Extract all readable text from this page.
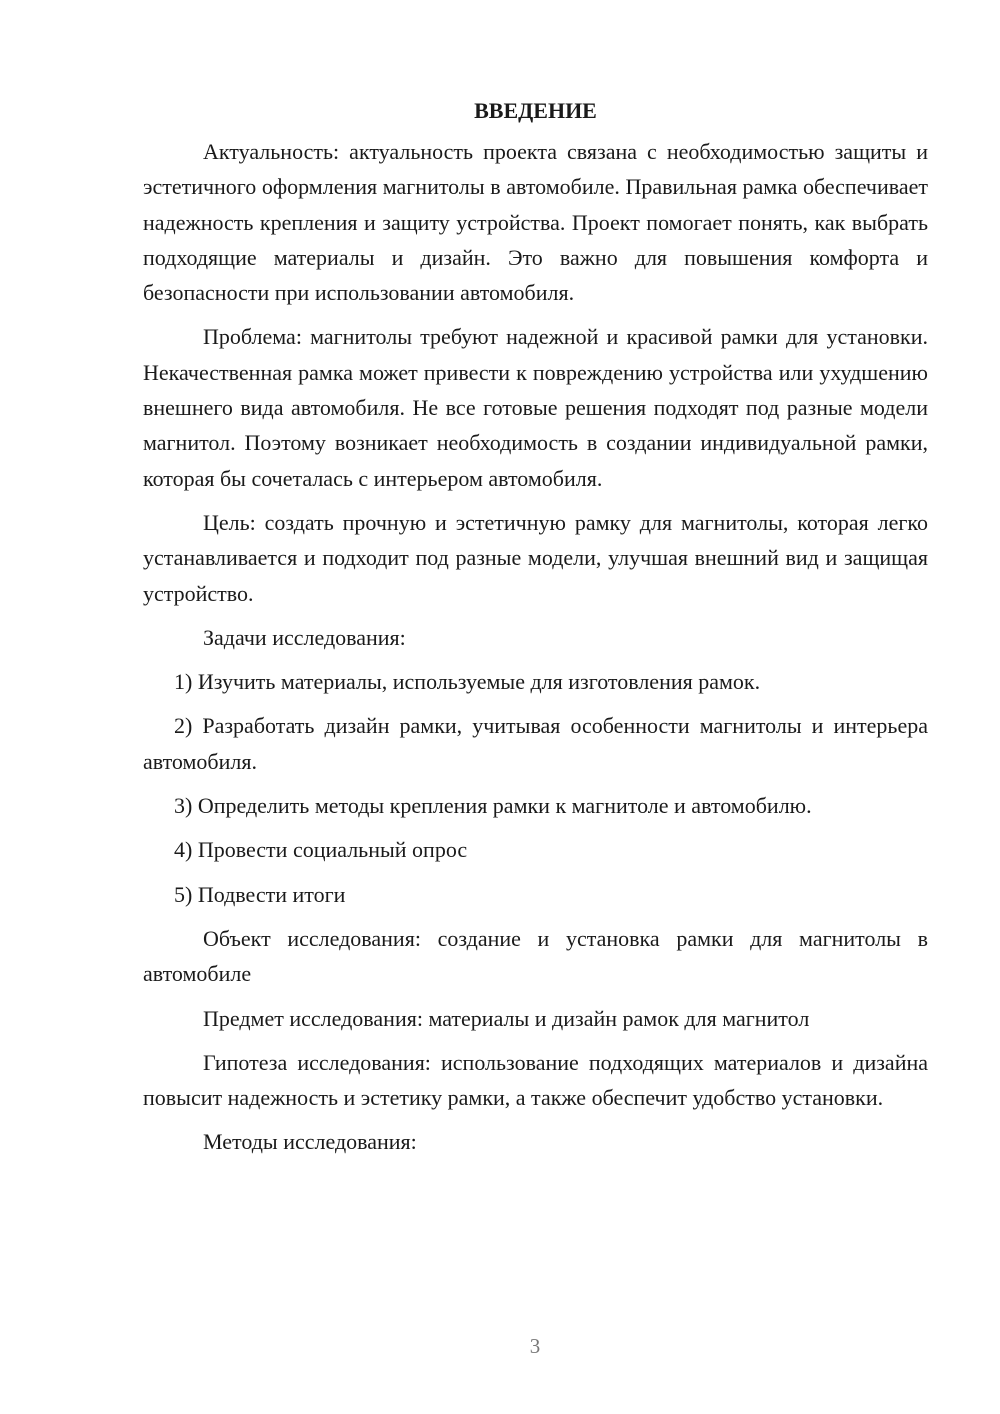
ВВЕДЕНИЕ

Актуальность: актуальность проекта связана с необходимостью защиты и эстетичного оформления магнитолы в автомобиле. Правильная рамка обеспечивает надежность крепления и защиту устройства. Проект помогает понять, как выбрать подходящие материалы и дизайн. Это важно для повышения комфорта и безопасности при использовании автомобиля.

Проблема: магнитолы требуют надежной и красивой рамки для установки. Некачественная рамка может привести к повреждению устройства или ухудшению внешнего вида автомобиля. Не все готовые решения подходят под разные модели магнитол. Поэтому возникает необходимость в создании индивидуальной рамки, которая бы сочеталась с интерьером автомобиля.

Цель: создать прочную и эстетичную рамку для магнитолы, которая легко устанавливается и подходит под разные модели, улучшая внешний вид и защищая устройство.

Задачи исследования:

1) Изучить материалы, используемые для изготовления рамок.

2) Разработать дизайн рамки, учитывая особенности магнитолы и интерьера автомобиля.

3) Определить методы крепления рамки к магнитоле и автомобилю.

4) Провести социальный опрос

5) Подвести итоги

Объект исследования: создание и установка рамки для магнитолы в автомобиле

Предмет исследования: материалы и дизайн рамок для магнитол

Гипотеза исследования: использование подходящих материалов и дизайна повысит надежность и эстетику рамки, а также обеспечит удобство установки.

Методы исследования:

3
